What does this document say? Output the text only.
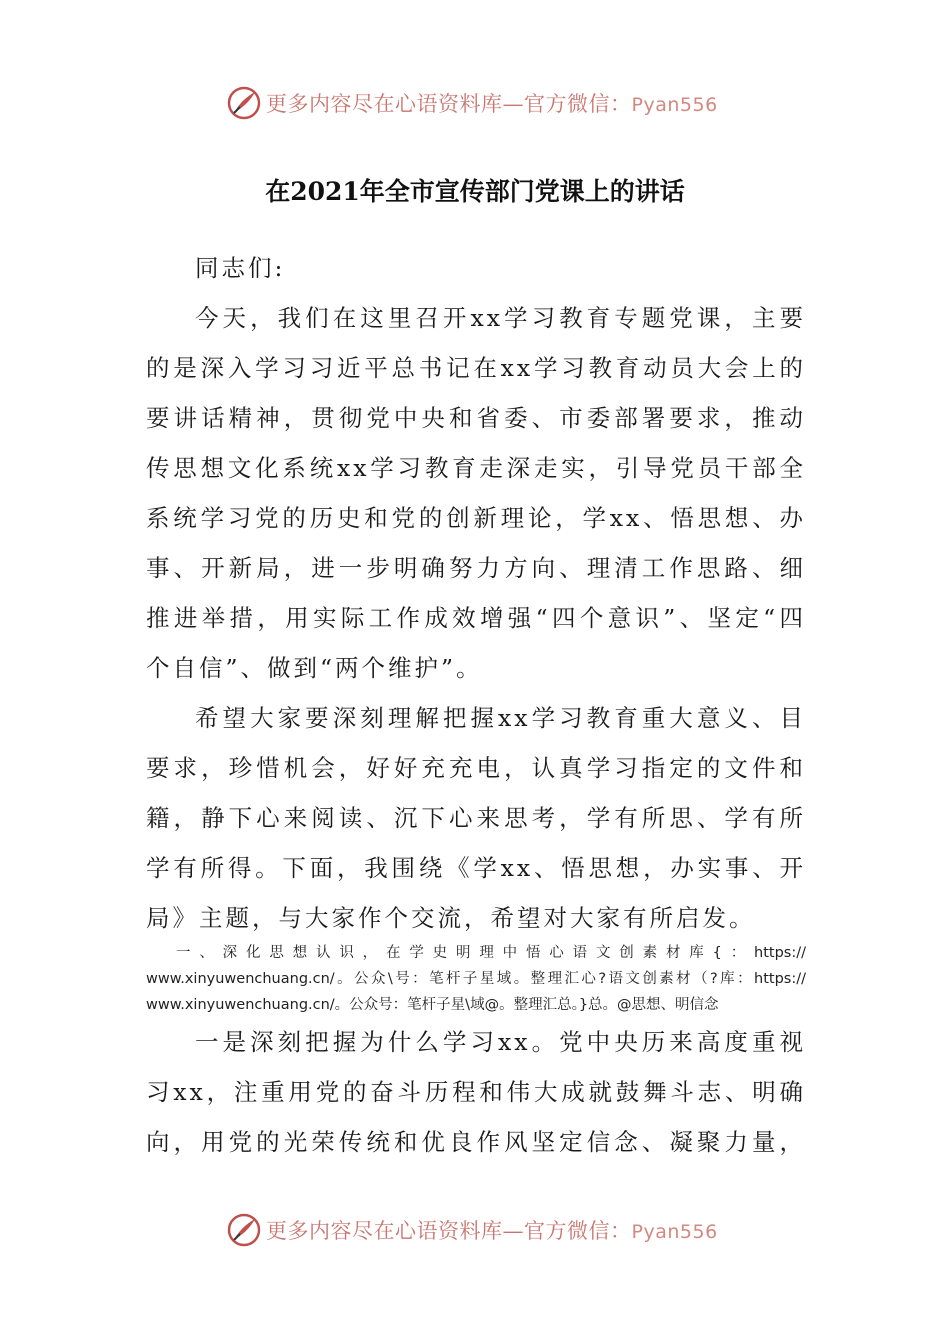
更多内容尽在心语资料库—官方微信：Pyan556
在2021年全市宣传部门党课上的讲话
同志们:
今天，我们在这里召开xx学习教育专题党课，主要
的是深入学习习近平总书记在xx学习教育动员大会上的
要讲话精神，贯彻党中央和省委、市委部署要求，推动
传思想文化系统xx学习教育走深走实，引导党员干部全
系统学习党的历史和党的创新理论，学xx、悟思想、办
事、开新局，进一步明确努力方向、理清工作思路、细
推进举措，用实际工作成效增强“四个意识”、坚定“四
个自信”、做到“两个维护”。
希望大家要深刻理解把握xx学习教育重大意义、目
要求，珍惜机会，好好充充电，认真学习指定的文件和
籍，静下心来阅读、沉下心来思考，学有所思、学有所
学有所得。下面，我围绕《学xx、悟思想，办实事、开
局》主题，与大家作个交流，希望对大家有所启发。
一、深化思想认识，在学史明理中悟心语文创素材库{：https://
www.xinyuwenchuang.cn/。公众\号：笔杆子星域。整理汇心?语文创素材（?库：https://
www.xinyuwenchuang.cn/。公众号：笔杆子星\域@。整理汇总。}总。@思想、明信念
一是深刻把握为什么学习xx。党中央历来高度重视
习xx，注重用党的奋斗历程和伟大成就鼓舞斗志、明确
向，用党的光荣传统和优良作风坚定信念、凝聚力量，
更多内容尽在心语资料库—官方微信：Pyan556
